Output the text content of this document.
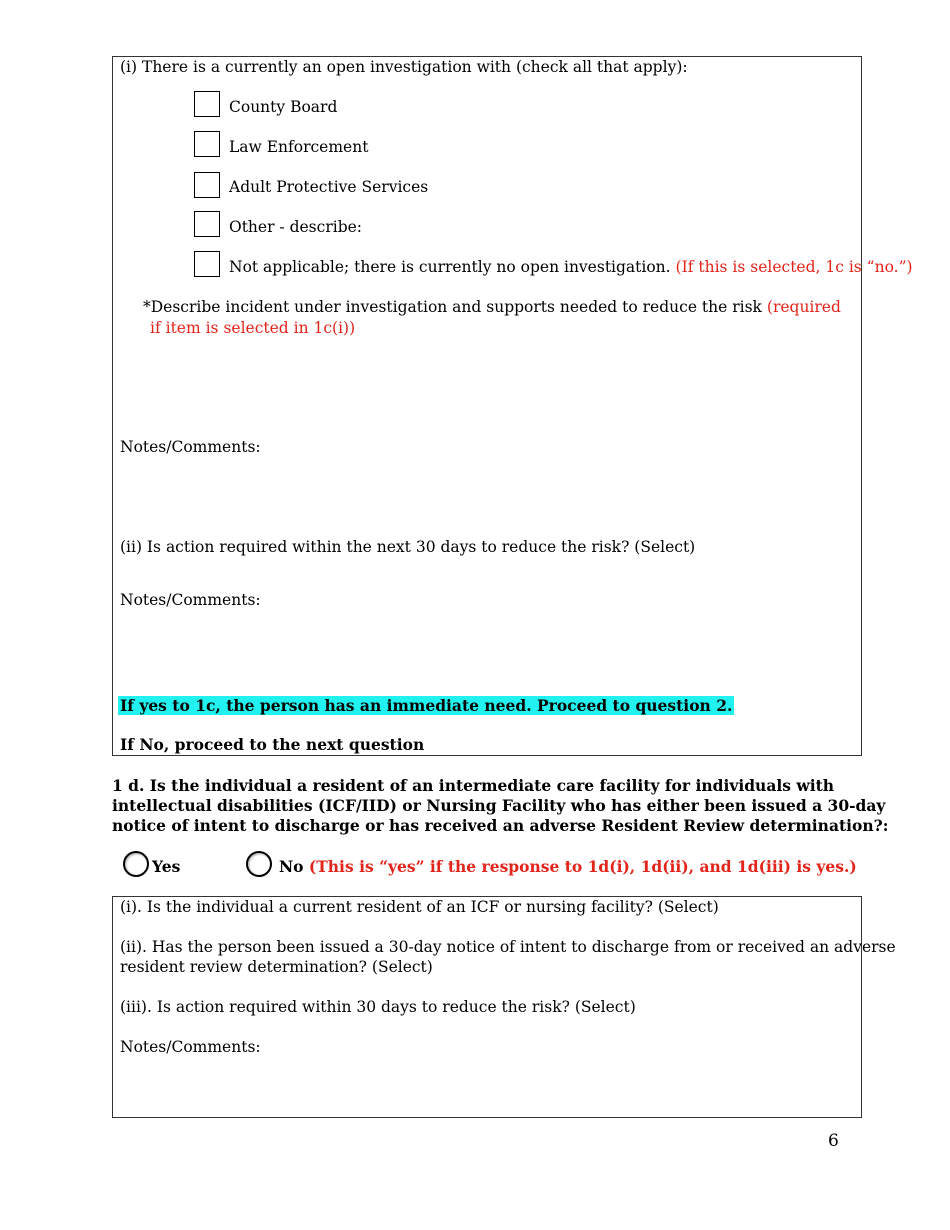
(i) There is a currently an open investigation with (check all that apply):
County Board
Law Enforcement
Adult Protective Services
Other - describe:
Not applicable; there is currently no open investigation. (If this is selected, 1c is “no.”)
*Describe incident under investigation and supports needed to reduce the risk (required
if item is selected in 1c(i))
Notes/Comments:
(ii) Is action required within the next 30 days to reduce the risk? (Select)
Notes/Comments:
If yes to 1c, the person has an immediate need. Proceed to question 2.
If No, proceed to the next question
1 d. Is the individual a resident of an intermediate care facility for individuals with
intellectual disabilities (ICF/IID) or Nursing Facility who has either been issued a 30-day
notice of intent to discharge or has received an adverse Resident Review determination?:
Yes	No (This is “yes” if the response to 1d(i), 1d(ii), and 1d(iii) is yes.)
(i). Is the individual a current resident of an ICF or nursing facility? (Select)
(ii). Has the person been issued a 30-day notice of intent to discharge from or received an adverse
resident review determination? (Select)
(iii). Is action required within 30 days to reduce the risk? (Select)
Notes/Comments:
6
